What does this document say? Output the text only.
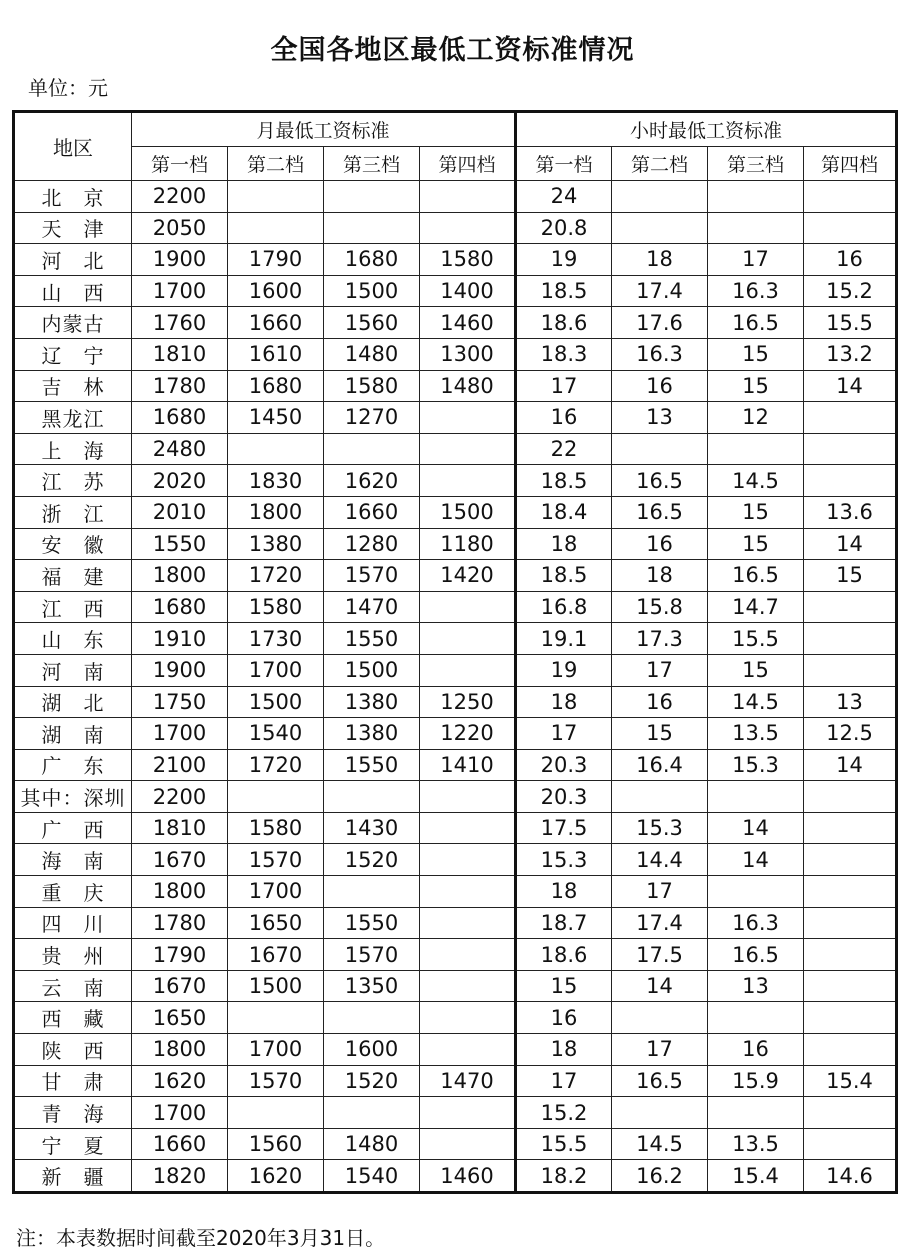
全国各地区最低工资标准情况
单位：元
地区	月最低工资标准				小时最低工资标准			
	第一档	第二档	第三档	第四档	第一档	第二档	第三档	第四档
北　京	2200				24			
天　津	2050				20.8			
河　北	1900	1790	1680	1580	19	18	17	16
山　西	1700	1600	1500	1400	18.5	17.4	16.3	15.2
内蒙古	1760	1660	1560	1460	18.6	17.6	16.5	15.5
辽　宁	1810	1610	1480	1300	18.3	16.3	15	13.2
吉　林	1780	1680	1580	1480	17	16	15	14
黑龙江	1680	1450	1270		16	13	12	
上　海	2480				22			
江　苏	2020	1830	1620		18.5	16.5	14.5	
浙　江	2010	1800	1660	1500	18.4	16.5	15	13.6
安　徽	1550	1380	1280	1180	18	16	15	14
福　建	1800	1720	1570	1420	18.5	18	16.5	15
江　西	1680	1580	1470		16.8	15.8	14.7	
山　东	1910	1730	1550		19.1	17.3	15.5	
河　南	1900	1700	1500		19	17	15	
湖　北	1750	1500	1380	1250	18	16	14.5	13
湖　南	1700	1540	1380	1220	17	15	13.5	12.5
广　东	2100	1720	1550	1410	20.3	16.4	15.3	14
其中：深圳	2200				20.3			
广　西	1810	1580	1430		17.5	15.3	14	
海　南	1670	1570	1520		15.3	14.4	14	
重　庆	1800	1700			18	17		
四　川	1780	1650	1550		18.7	17.4	16.3	
贵　州	1790	1670	1570		18.6	17.5	16.5	
云　南	1670	1500	1350		15	14	13	
西　藏	1650				16			
陕　西	1800	1700	1600		18	17	16	
甘　肃	1620	1570	1520	1470	17	16.5	15.9	15.4
青　海	1700				15.2			
宁　夏	1660	1560	1480		15.5	14.5	13.5	
新　疆	1820	1620	1540	1460	18.2	16.2	15.4	14.6
注：本表数据时间截至2020年3月31日。
